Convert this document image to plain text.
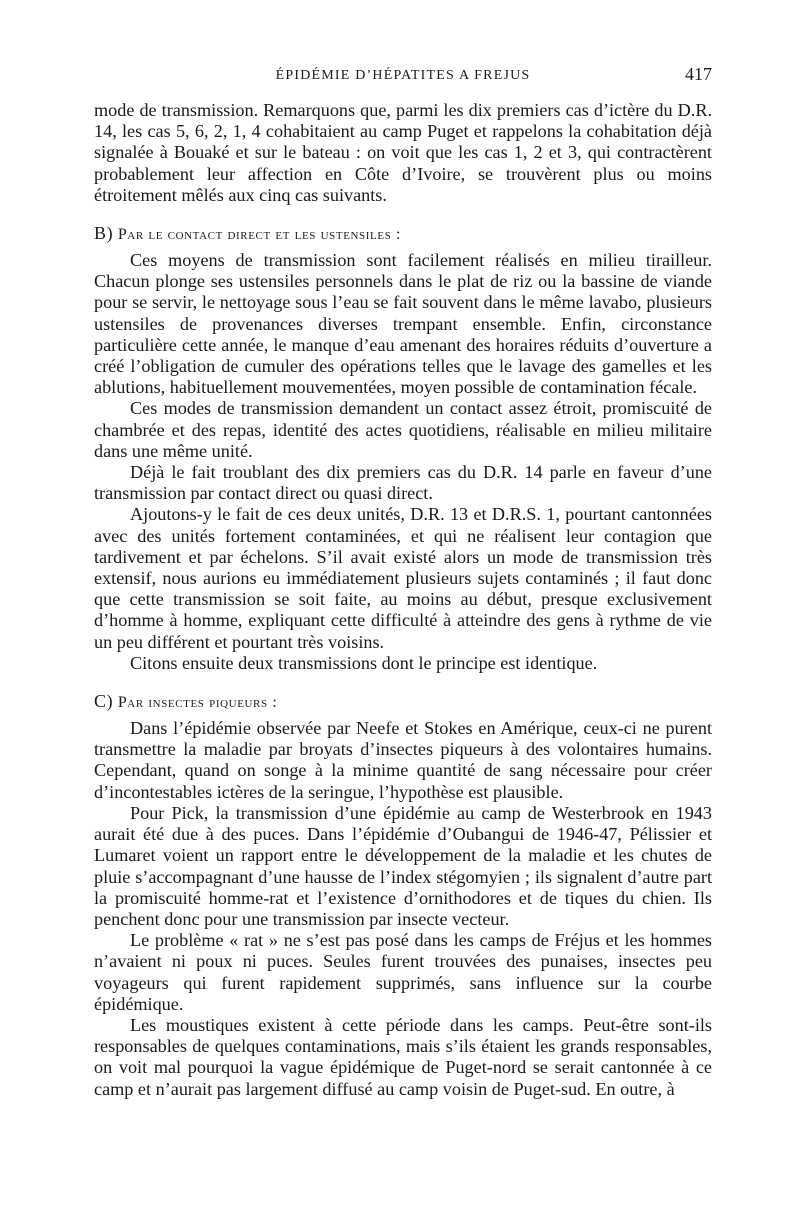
ÉPIDÉMIE D’HÉPATITES A FREJUS	417

mode de transmission. Remarquons que, parmi les dix premiers cas d’ictère du D.R. 14, les cas 5, 6, 2, 1, 4 cohabitaient au camp Puget et rappelons la cohabitation déjà signalée à Bouaké et sur le bateau : on voit que les cas 1, 2 et 3, qui contractèrent probablement leur affection en Côte d’Ivoire, se trouvèrent plus ou moins étroitement mêlés aux cinq cas suivants.

B) Par le contact direct et les ustensiles :

Ces moyens de transmission sont facilement réalisés en milieu tirailleur. Chacun plonge ses ustensiles personnels dans le plat de riz ou la bassine de viande pour se servir, le nettoyage sous l’eau se fait souvent dans le même lavabo, plusieurs ustensiles de provenances diverses trempant ensemble. Enfin, circonstance particulière cette année, le manque d’eau amenant des horaires réduits d’ouverture a créé l’obligation de cumuler des opérations telles que le lavage des gamelles et les ablutions, habituellement mouvementées, moyen possible de contamination fécale.

Ces modes de transmission demandent un contact assez étroit, promiscuité de chambrée et des repas, identité des actes quotidiens, réalisable en milieu militaire dans une même unité.

Déjà le fait troublant des dix premiers cas du D.R. 14 parle en faveur d’une transmission par contact direct ou quasi direct.

Ajoutons-y le fait de ces deux unités, D.R. 13 et D.R.S. 1, pourtant cantonnées avec des unités fortement contaminées, et qui ne réalisent leur contagion que tardivement et par échelons. S’il avait existé alors un mode de transmission très extensif, nous aurions eu immédiatement plusieurs sujets contaminés ; il faut donc que cette transmission se soit faite, au moins au début, presque exclusivement d’homme à homme, expliquant cette difficulté à atteindre des gens à rythme de vie un peu différent et pourtant très voisins.

Citons ensuite deux transmissions dont le principe est identique.

C) Par insectes piqueurs :

Dans l’épidémie observée par Neefe et Stokes en Amérique, ceux-ci ne purent transmettre la maladie par broyats d’insectes piqueurs à des volontaires humains. Cependant, quand on songe à la minime quantité de sang nécessaire pour créer d’incontestables ictères de la seringue, l’hypothèse est plausible.

Pour Pick, la transmission d’une épidémie au camp de Westerbrook en 1943 aurait été due à des puces. Dans l’épidémie d’Oubangui de 1946-47, Pélissier et Lumaret voient un rapport entre le développement de la maladie et les chutes de pluie s’accompagnant d’une hausse de l’index stégomyien ; ils signalent d’autre part la promiscuité homme-rat et l’existence d’ornithodores et de tiques du chien. Ils penchent donc pour une transmission par insecte vecteur.

Le problème « rat » ne s’est pas posé dans les camps de Fréjus et les hommes n’avaient ni poux ni puces. Seules furent trouvées des punaises, insectes peu voyageurs qui furent rapidement supprimés, sans influence sur la courbe épidémique.

Les moustiques existent à cette période dans les camps. Peut-être sont-ils responsables de quelques contaminations, mais s’ils étaient les grands responsables, on voit mal pourquoi la vague épidémique de Puget-nord se serait cantonnée à ce camp et n’aurait pas largement diffusé au camp voisin de Puget-sud. En outre, à
